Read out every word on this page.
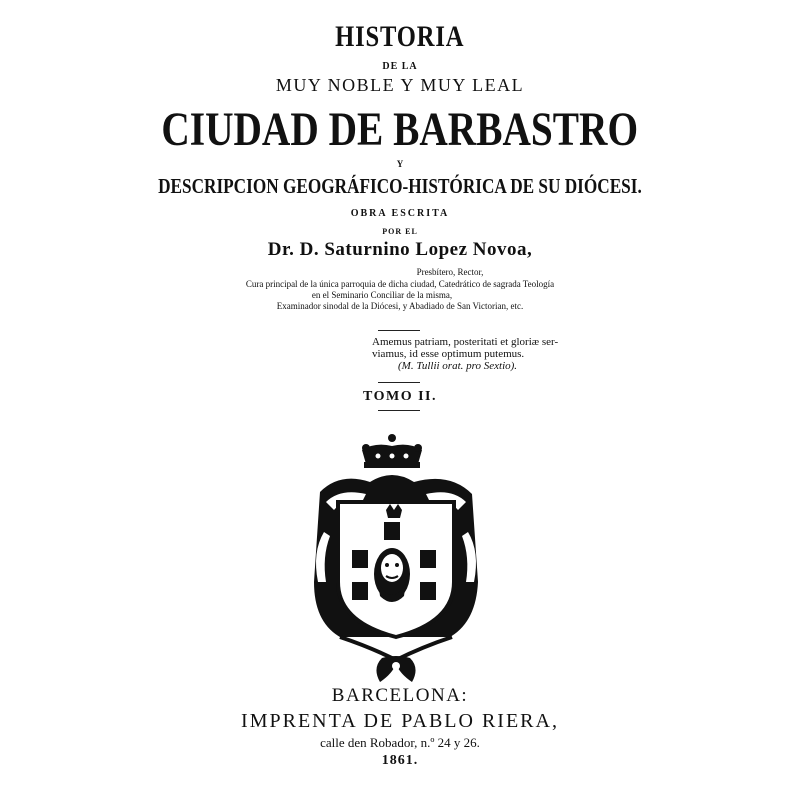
HISTORIA
DE LA
MUY NOBLE Y MUY LEAL
CIUDAD DE BARBASTRO
Y
DESCRIPCION GEOGRÁFICO-HISTÓRICA DE SU DIÓCESI.
OBRA ESCRITA
POR EL
Dr. D. Saturnino Lopez Novoa,
Presbítero, Rector,
Cura principal de la única parroquia de dicha ciudad, Catedrático de sagrada Teología
en el Seminario Conciliar de la misma,
Examinador sinodal de la Diócesi, y Abadiado de San Victorian, etc.
Amemus patriam, posteritati et gloriæ ser-
viamus, id esse optimum putemus.
(M. Tullii orat. pro Sextio).
TOMO II.
BARCELONA:
IMPRENTA DE PABLO RIERA,
calle den Robador, n.º 24 y 26.
1861.
